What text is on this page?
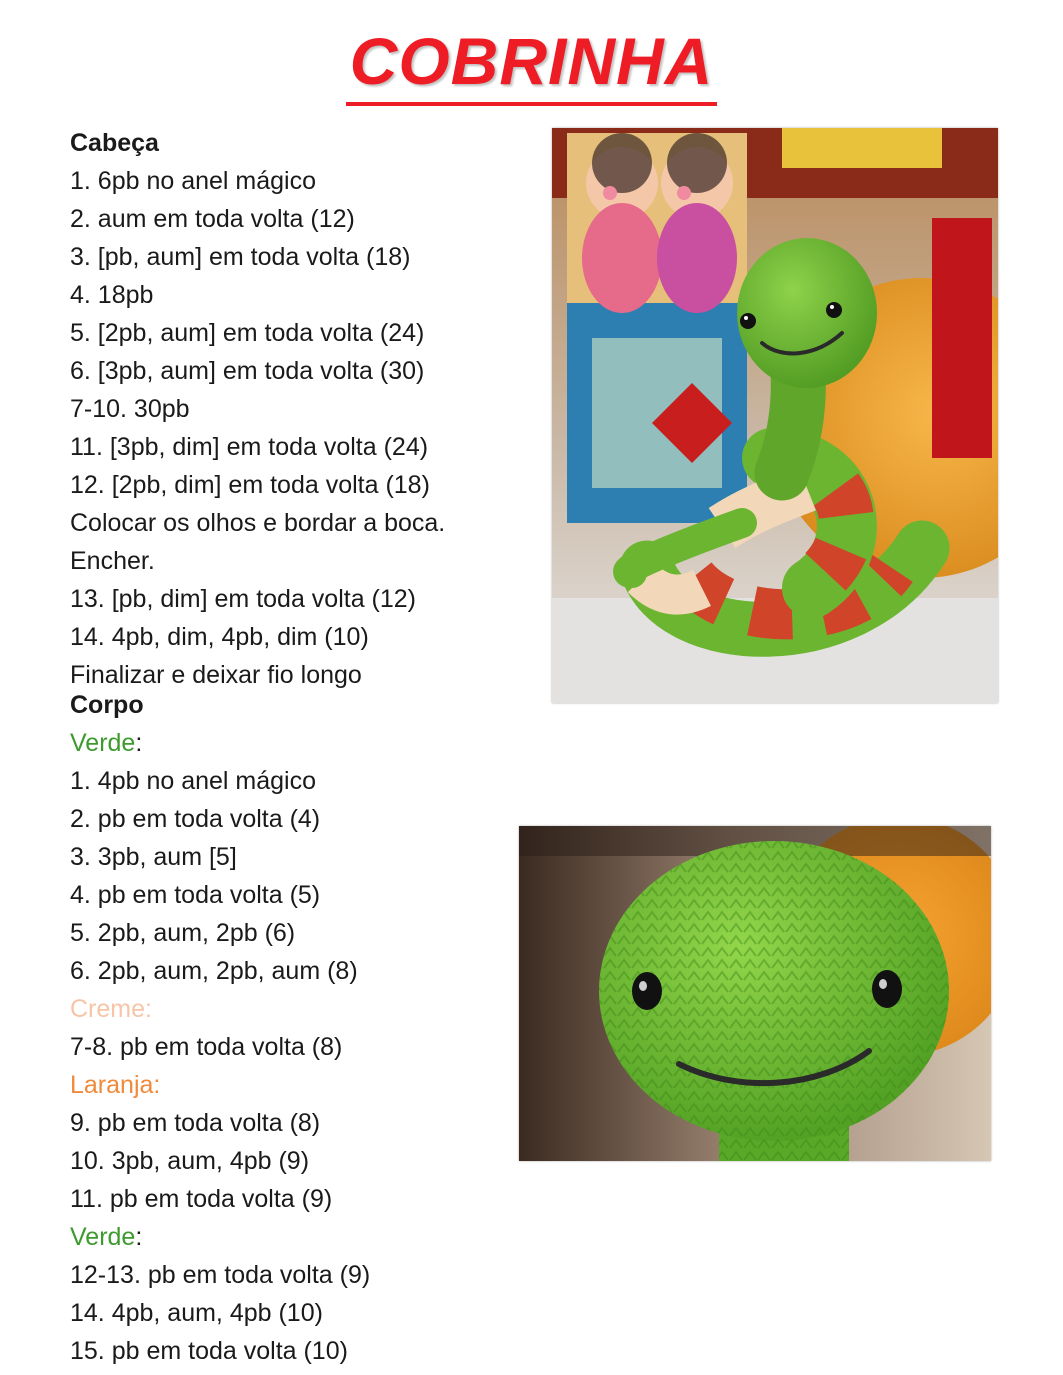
COBRINHA
Cabeça
1. 6pb no anel mágico
2. aum em toda volta (12)
3. [pb, aum] em toda volta (18)
4. 18pb
5. [2pb, aum] em toda volta (24)
6. [3pb, aum] em toda volta (30)
7-10. 30pb
11. [3pb, dim] em toda volta (24)
12. [2pb, dim] em toda volta (18)
Colocar os olhos e bordar a boca.
Encher.
13. [pb, dim] em toda volta (12)
14. 4pb, dim, 4pb, dim (10)
Finalizar e deixar fio longo
Corpo
Verde:
1. 4pb no anel mágico
2. pb em toda volta (4)
3. 3pb, aum [5]
4. pb em toda volta (5)
5. 2pb, aum, 2pb (6)
6. 2pb, aum, 2pb, aum (8)
Creme:
7-8. pb em toda volta (8)
Laranja:
9. pb em toda volta (8)
10. 3pb, aum, 4pb (9)
11. pb em toda volta (9)
Verde:
12-13. pb em toda volta (9)
14. 4pb, aum, 4pb (10)
15. pb em toda volta (10)
